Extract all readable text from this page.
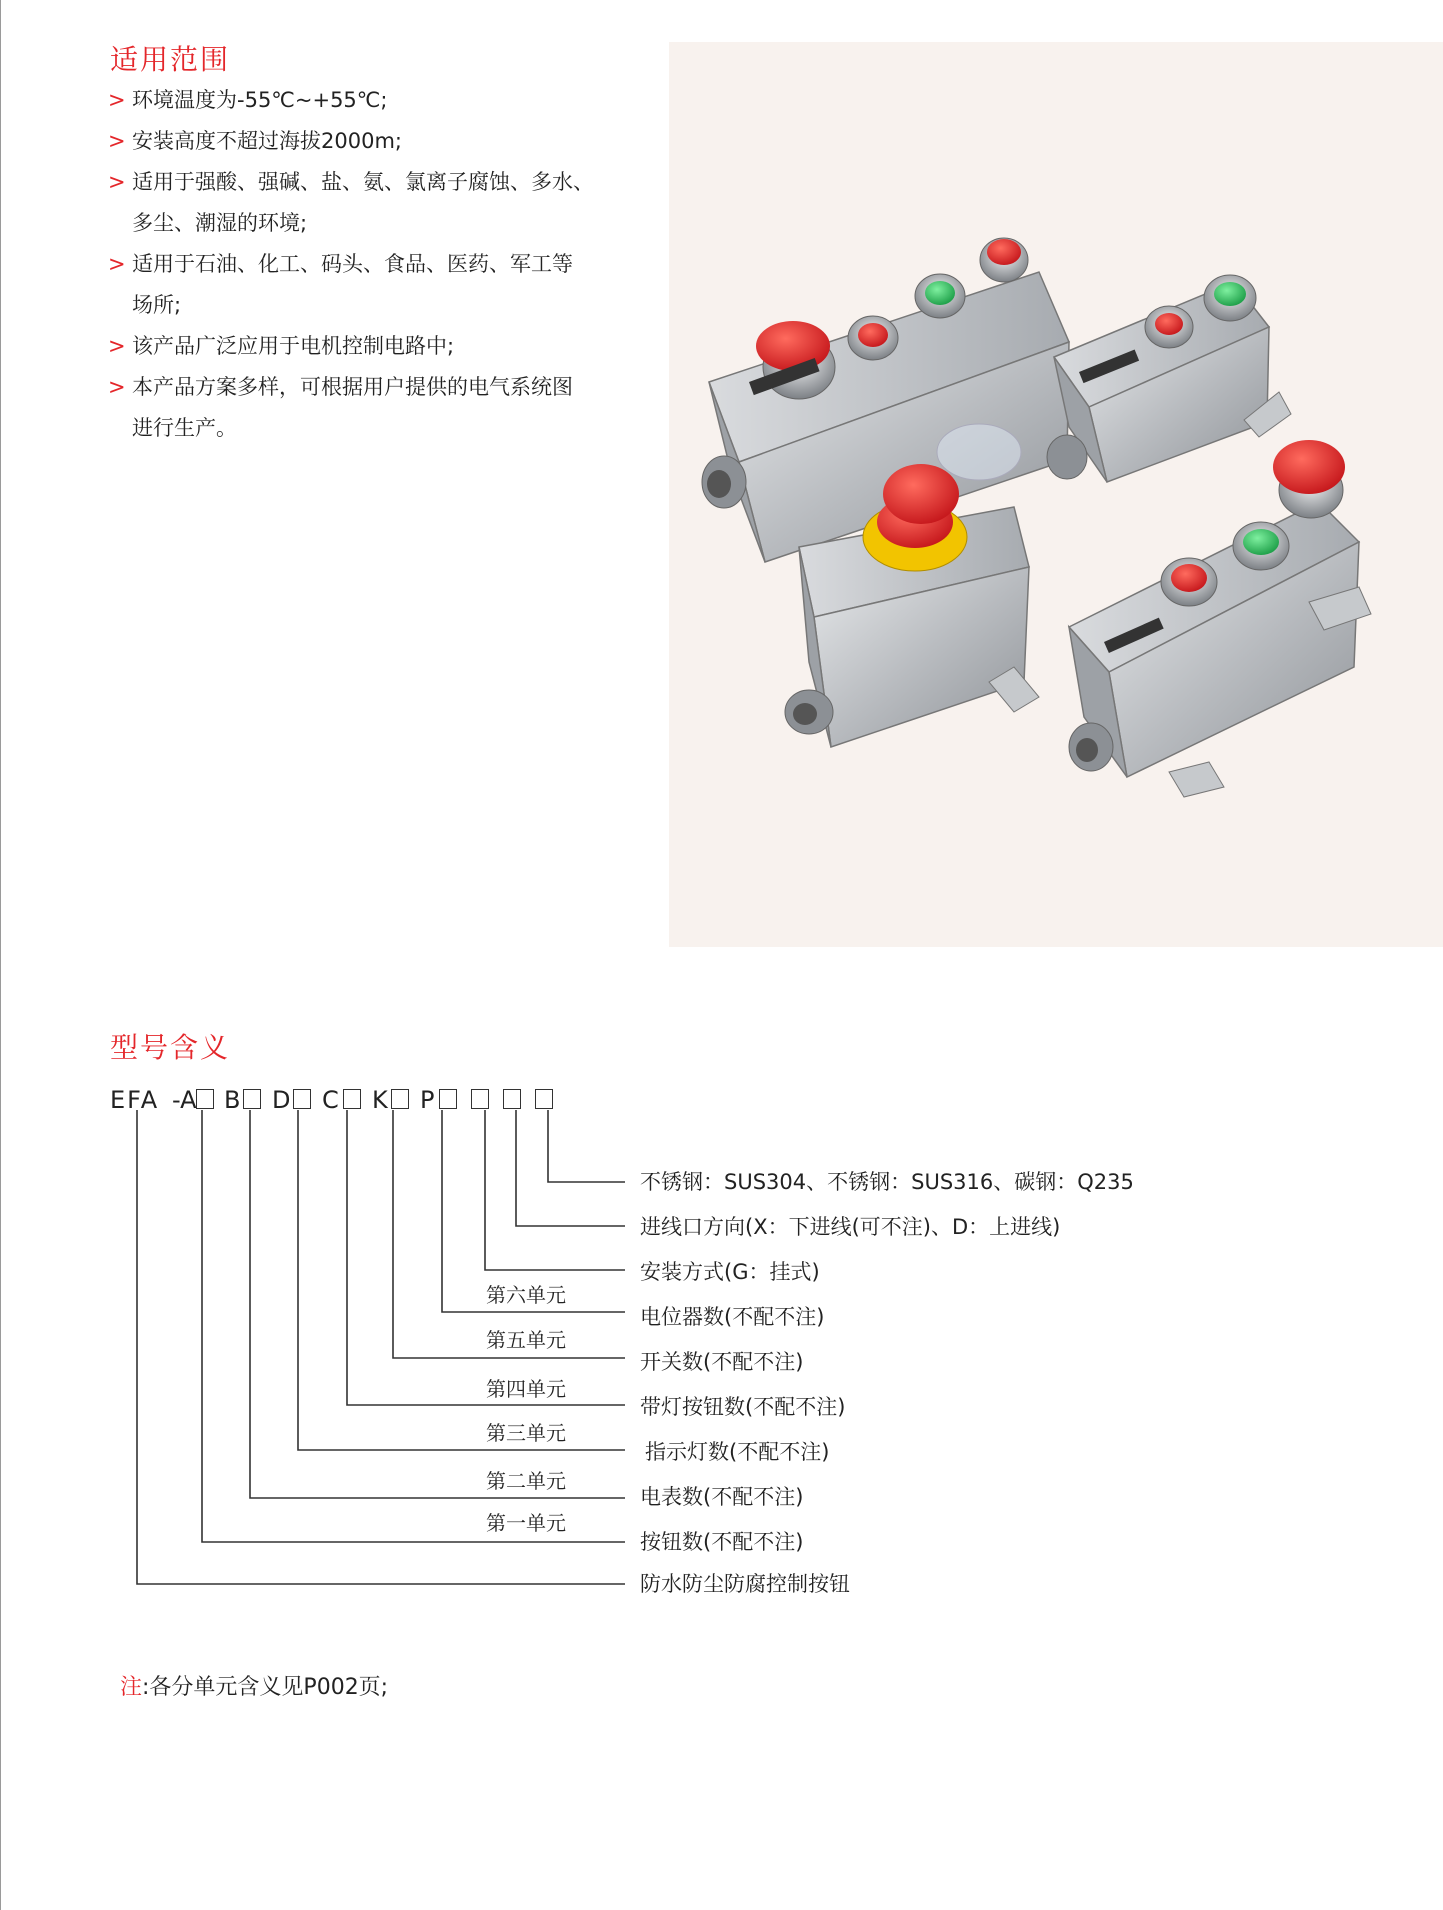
适用范围
> 环境温度为-55℃~+55℃;
> 安装高度不超过海拔2000m;
> 适用于强酸、强碱、盐、氨、氯离子腐蚀、多水、
多尘、潮湿的环境;
> 适用于石油、化工、码头、食品、医药、军工等
场所;
> 该产品广泛应用于电机控制电路中;
> 本产品方案多样，可根据用户提供的电气系统图
进行生产。
型号含义
EFA -A B D C K P
不锈钢：SUS304、不锈钢：SUS316、碳钢：Q235
进线口方向(X：下进线(可不注)、D：上进线)
安装方式(G：挂式)
电位器数(不配不注)
开关数(不配不注)
带灯按钮数(不配不注)
指示灯数(不配不注)
电表数(不配不注)
按钮数(不配不注)
防水防尘防腐控制按钮
第六单元
第五单元
第四单元
第三单元
第二单元
第一单元
注:各分单元含义见P002页;
